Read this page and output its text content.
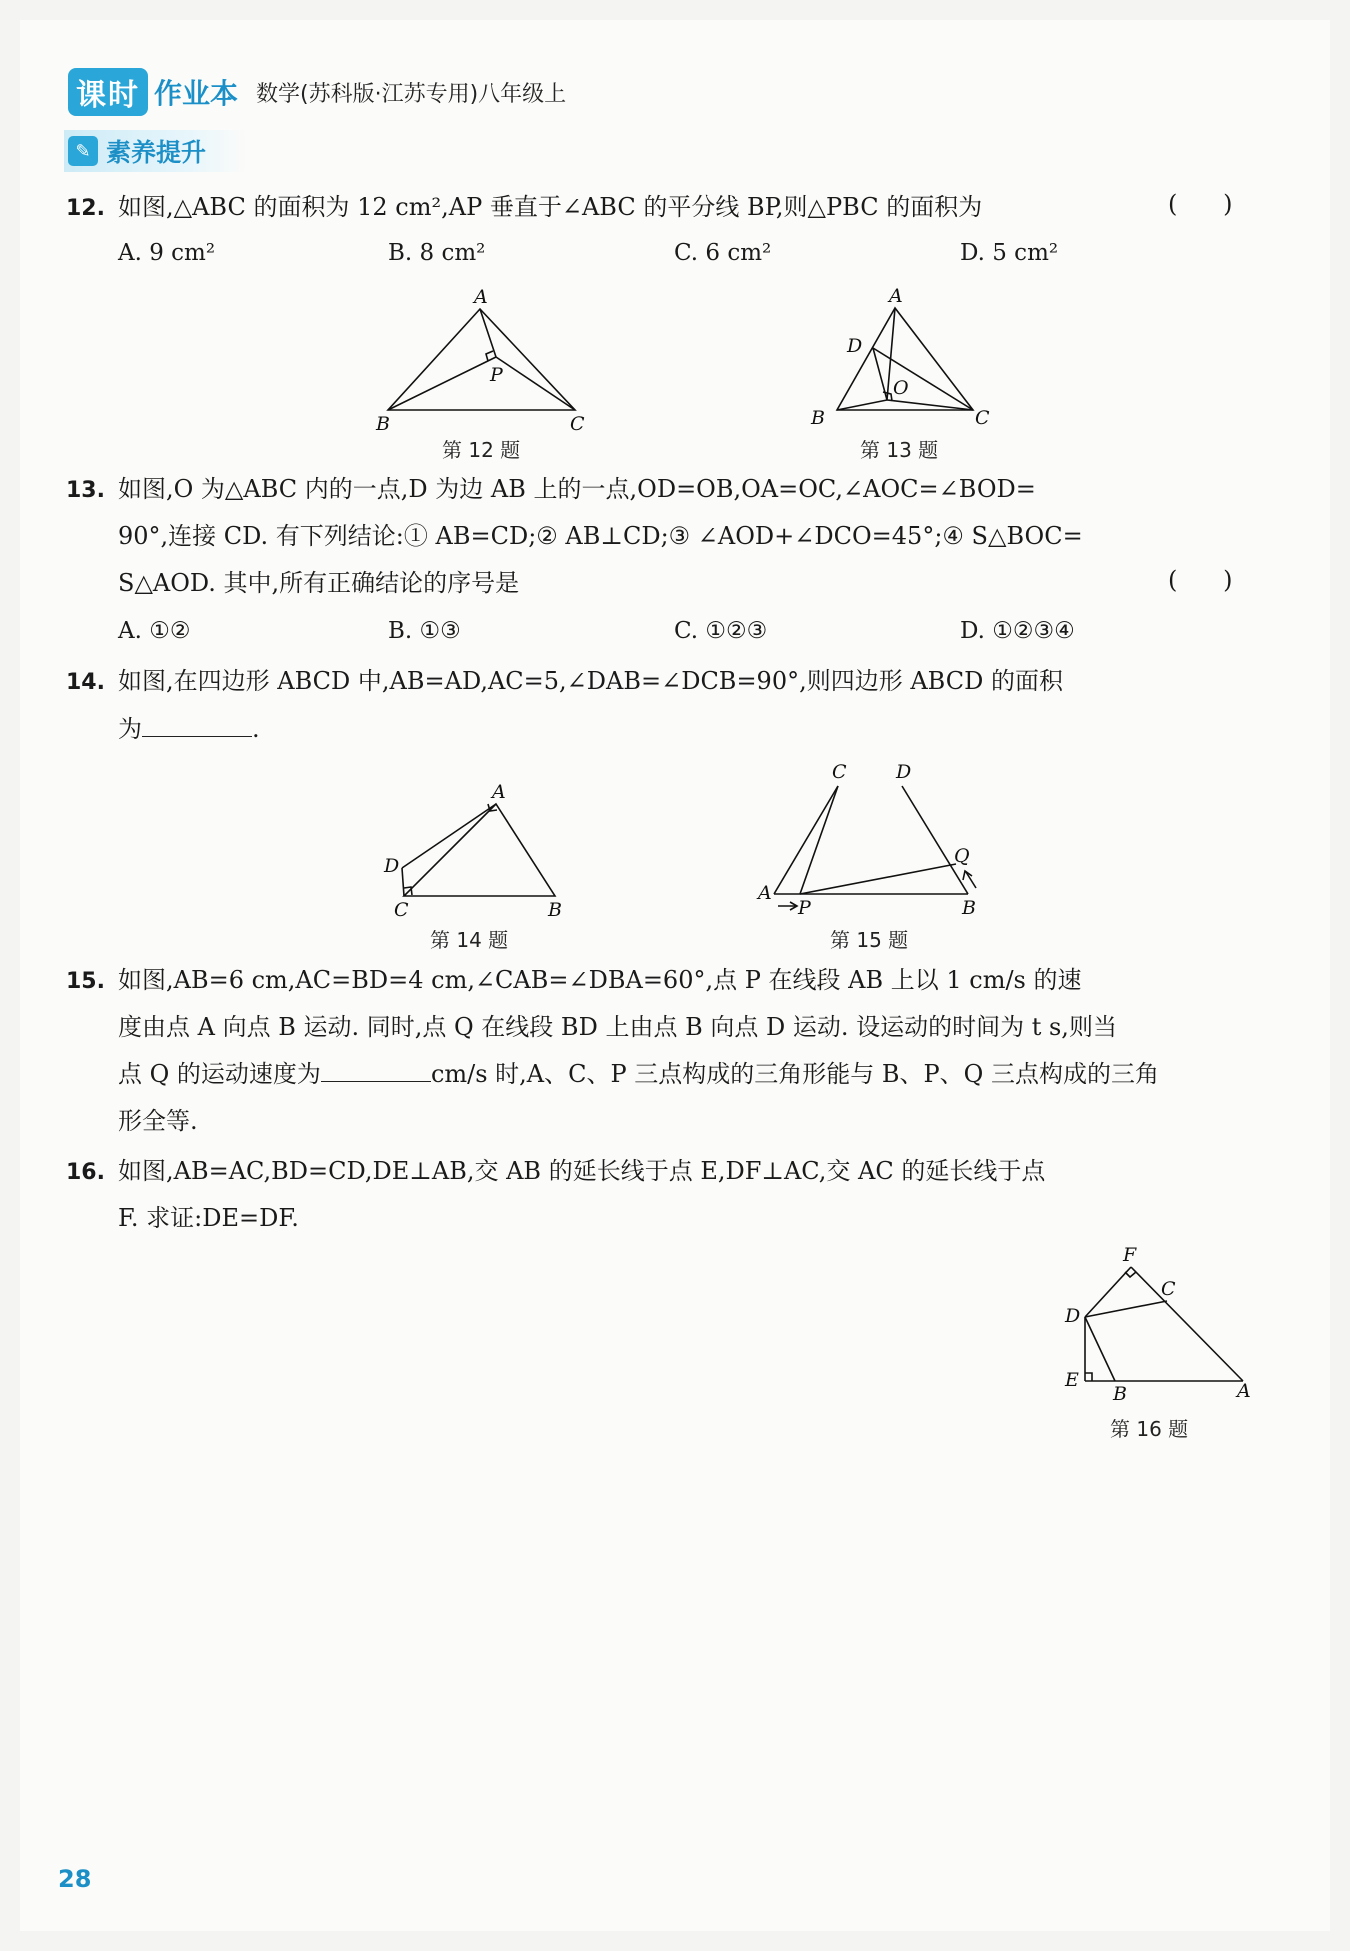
课时 作业本 数学(苏科版·江苏专用)八年级上
✎ 素养提升
12. 如图,△ABC 的面积为 12 cm²,AP 垂直于∠ABC 的平分线 BP,则△PBC 的面积为	(      )
A. 9 cm²	B. 8 cm²	C. 6 cm²	D. 5 cm²
A
B	C
P
第 12 题
A
B	C
D
O
第 13 题
13. 如图,O 为△ABC 内的一点,D 为边 AB 上的一点,OD=OB,OA=OC,∠AOC=∠BOD=
90°,连接 CD. 有下列结论:① AB=CD;② AB⊥CD;③ ∠AOD+∠DCO=45°;④ S△BOC=
S△AOD. 其中,所有正确结论的序号是	(      )
A. ①②	B. ①③	C. ①②③	D. ①②③④
14. 如图,在四边形 ABCD 中,AB=AD,AC=5,∠DAB=∠DCB=90°,则四边形 ABCD 的面积
为	.
A
B
C
D
第 14 题
A
B
C	D
P
Q
第 15 题
15. 如图,AB=6 cm,AC=BD=4 cm,∠CAB=∠DBA=60°,点 P 在线段 AB 上以 1 cm/s 的速
度由点 A 向点 B 运动. 同时,点 Q 在线段 BD 上由点 B 向点 D 运动. 设运动的时间为 t s,则当
点 Q 的运动速度为	cm/s 时,A、C、P 三点构成的三角形能与 B、P、Q 三点构成的三角
形全等.
16. 如图,AB=AC,BD=CD,DE⊥AB,交 AB 的延长线于点 E,DF⊥AC,交 AC 的延长线于点
F. 求证:DE=DF.
A
B
C
D
E
F
第 16 题
28
